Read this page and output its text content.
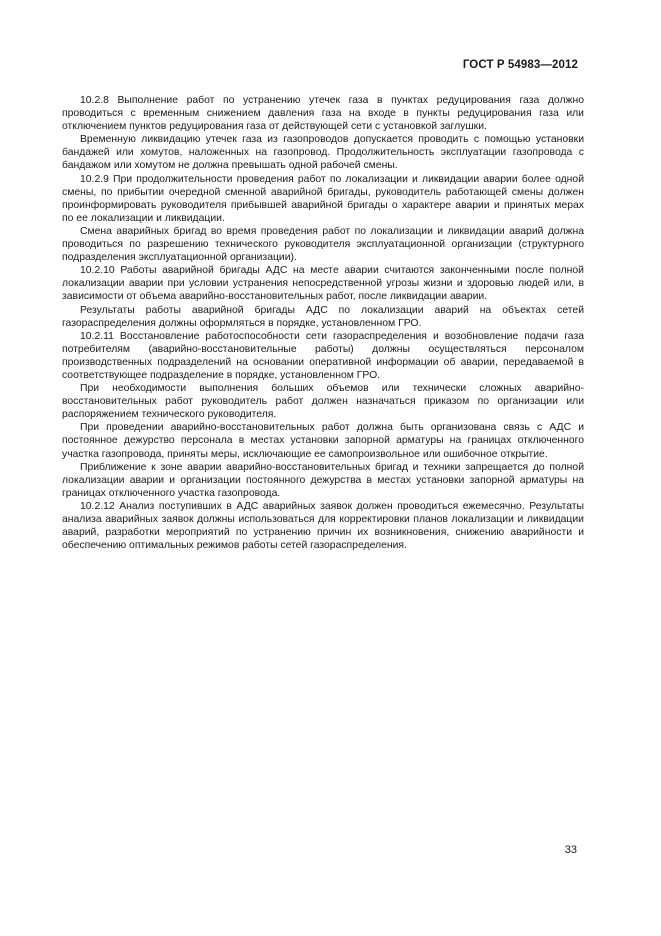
ГОСТ Р 54983—2012

10.2.8 Выполнение работ по устранению утечек газа в пунктах редуцирования газа должно проводиться с временным снижением давления газа на входе в пункты редуцирования газа или отключением пунктов редуцирования газа от действующей сети с установкой заглушки.

Временную ликвидацию утечек газа из газопроводов допускается проводить с помощью установки бандажей или хомутов, наложенных на газопровод. Продолжительность эксплуатации газопровода с бандажом или хомутом не должна превышать одной рабочей смены.

10.2.9 При продолжительности проведения работ по локализации и ликвидации аварии более одной смены, по прибытии очередной сменной аварийной бригады, руководитель работающей смены должен проинформировать руководителя прибывшей аварийной бригады о характере аварии и принятых мерах по ее локализации и ликвидации.

Смена аварийных бригад во время проведения работ по локализации и ликвидации аварий должна проводиться по разрешению технического руководителя эксплуатационной организации (структурного подразделения эксплуатационной организации).

10.2.10 Работы аварийной бригады АДС на месте аварии считаются законченными после полной локализации аварии при условии устранения непосредственной угрозы жизни и здоровью людей или, в зависимости от объема аварийно-восстановительных работ, после ликвидации аварии.

Результаты работы аварийной бригады АДС по локализации аварий на объектах сетей газораспределения должны оформляться в порядке, установленном ГРО.

10.2.11 Восстановление работоспособности сети газораспределения и возобновление подачи газа потребителям (аварийно-восстановительные работы) должны осуществляться персоналом производственных подразделений на основании оперативной информации об аварии, передаваемой в соответствующее подразделение в порядке, установленном ГРО.

При необходимости выполнения больших объемов или технически сложных аварийно-восстановительных работ руководитель работ должен назначаться приказом по организации или распоряжением технического руководителя.

При проведении аварийно-восстановительных работ должна быть организована связь с АДС и постоянное дежурство персонала в местах установки запорной арматуры на границах отключенного участка газопровода, приняты меры, исключающие ее самопроизвольное или ошибочное открытие.

Приближение к зоне аварии аварийно-восстановительных бригад и техники запрещается до полной локализации аварии и организации постоянного дежурства в местах установки запорной арматуры на границах отключенного участка газопровода.

10.2.12 Анализ поступивших в АДС аварийных заявок должен проводиться ежемесячно. Результаты анализа аварийных заявок должны использоваться для корректировки планов локализации и ликвидации аварий, разработки мероприятий по устранению причин их возникновения, снижению аварийности и обеспечению оптимальных режимов работы сетей газораспределения.

33
